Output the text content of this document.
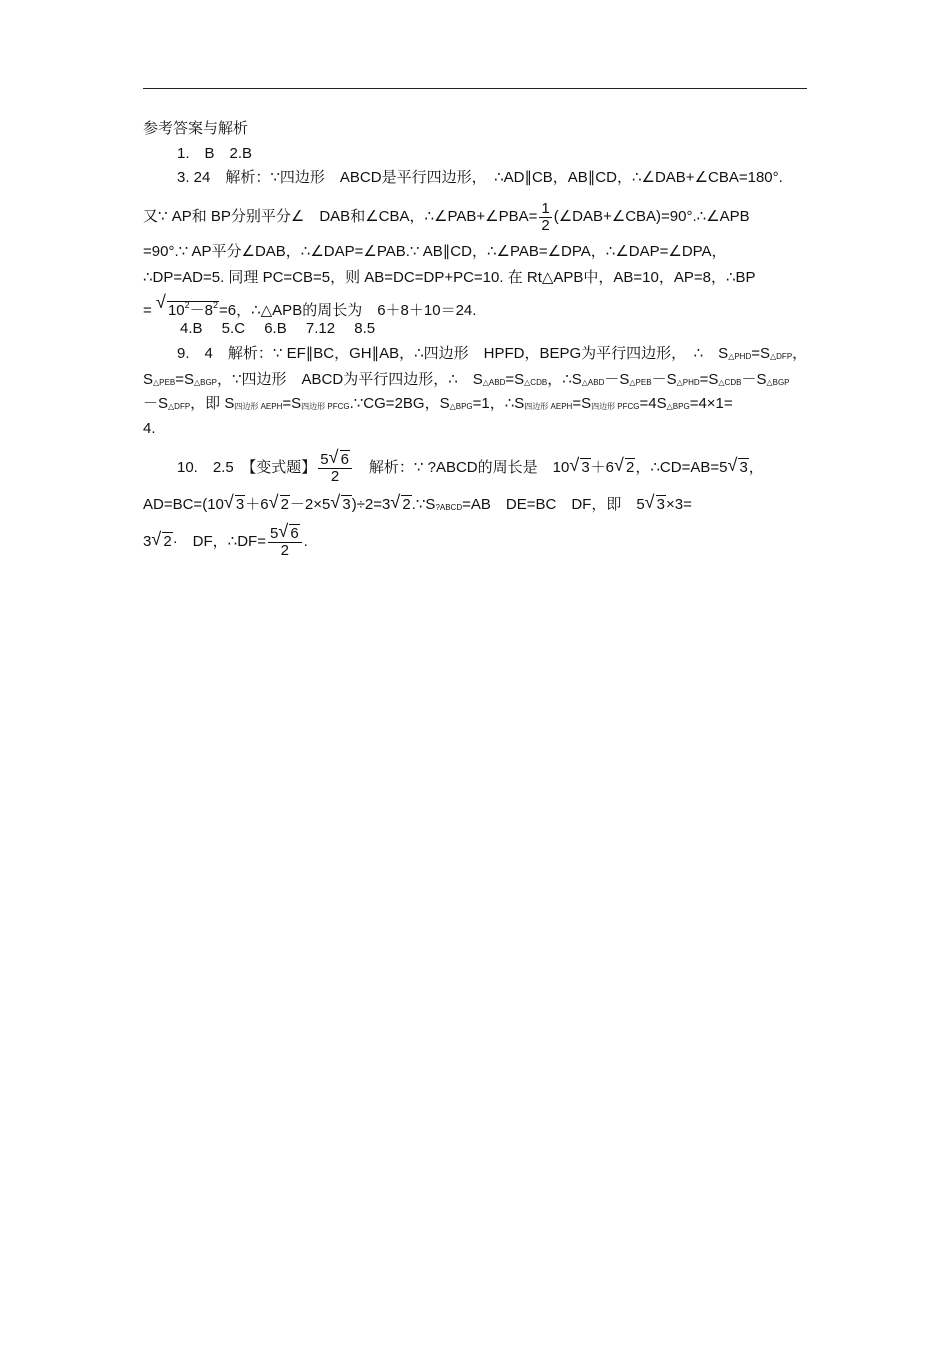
参考答案与解析
1.　B　2.B
3. 24　解析：∵四边形　ABCD是平行四边形，　∴AD∥CB，AB∥CD，∴∠DAB+∠CBA=180°.
又∵ AP和 BP分别平分∠　DAB和∠CBA，∴∠PAB+∠PBA= $\frac{1}{2}$ (∠DAB+∠CBA)=90°.∴∠APB
=90°.∵ AP平分∠DAB，∴∠DAP=∠PAB.∵ AB∥CD，∴∠PAB=∠DPA，∴∠DAP=∠DPA，
∴DP=AD=5. 同理 PC=CB=5，则 AB=DC=DP+PC=10. 在 Rt△APB中，AB=10，AP=8，∴BP
= √ $10^2-8^2=6$，∴△APB的周长为　6＋8＋10＝24.
4.B　 5.C　 6.B　 7.12　 8.5
9.　4　解析：∵ EF∥BC，GH∥AB，∴四边形　HPFD，BEPG为平行四边形，　∴　S△PHD=S△DFP，
S△PEB=S△BGP，∵四边形　ABCD为平行四边形，∴　S△ABD=S△CDB，∴S△ABD－S△PEB－S△PHD=S△CDB－S△BGP
－S△DFP，即 S四边形 AEPH=S四边形 PFCG.∵CG=2BG，S△BPG=1，∴S四边形 AEPH=S四边形 PFCG=4S△BPG=4×1=
4.
10.　2.5　【变式题】 $\frac{5 √ 6}{2}$ 　解析：∵ ?ABCD的周长是　10 √ 3＋6 √ 2，∴CD=AB=5 √ 3，
AD=BC=(10 √ 3＋6 √ 2－2×5 √ 3)÷2=3 √ 2.∵S?ABCD=AB　DE=BC　DF，即　5 √ 3×3=
3 √ 2·　DF，∴DF= $\frac{5 √ 6}{2}$ .
